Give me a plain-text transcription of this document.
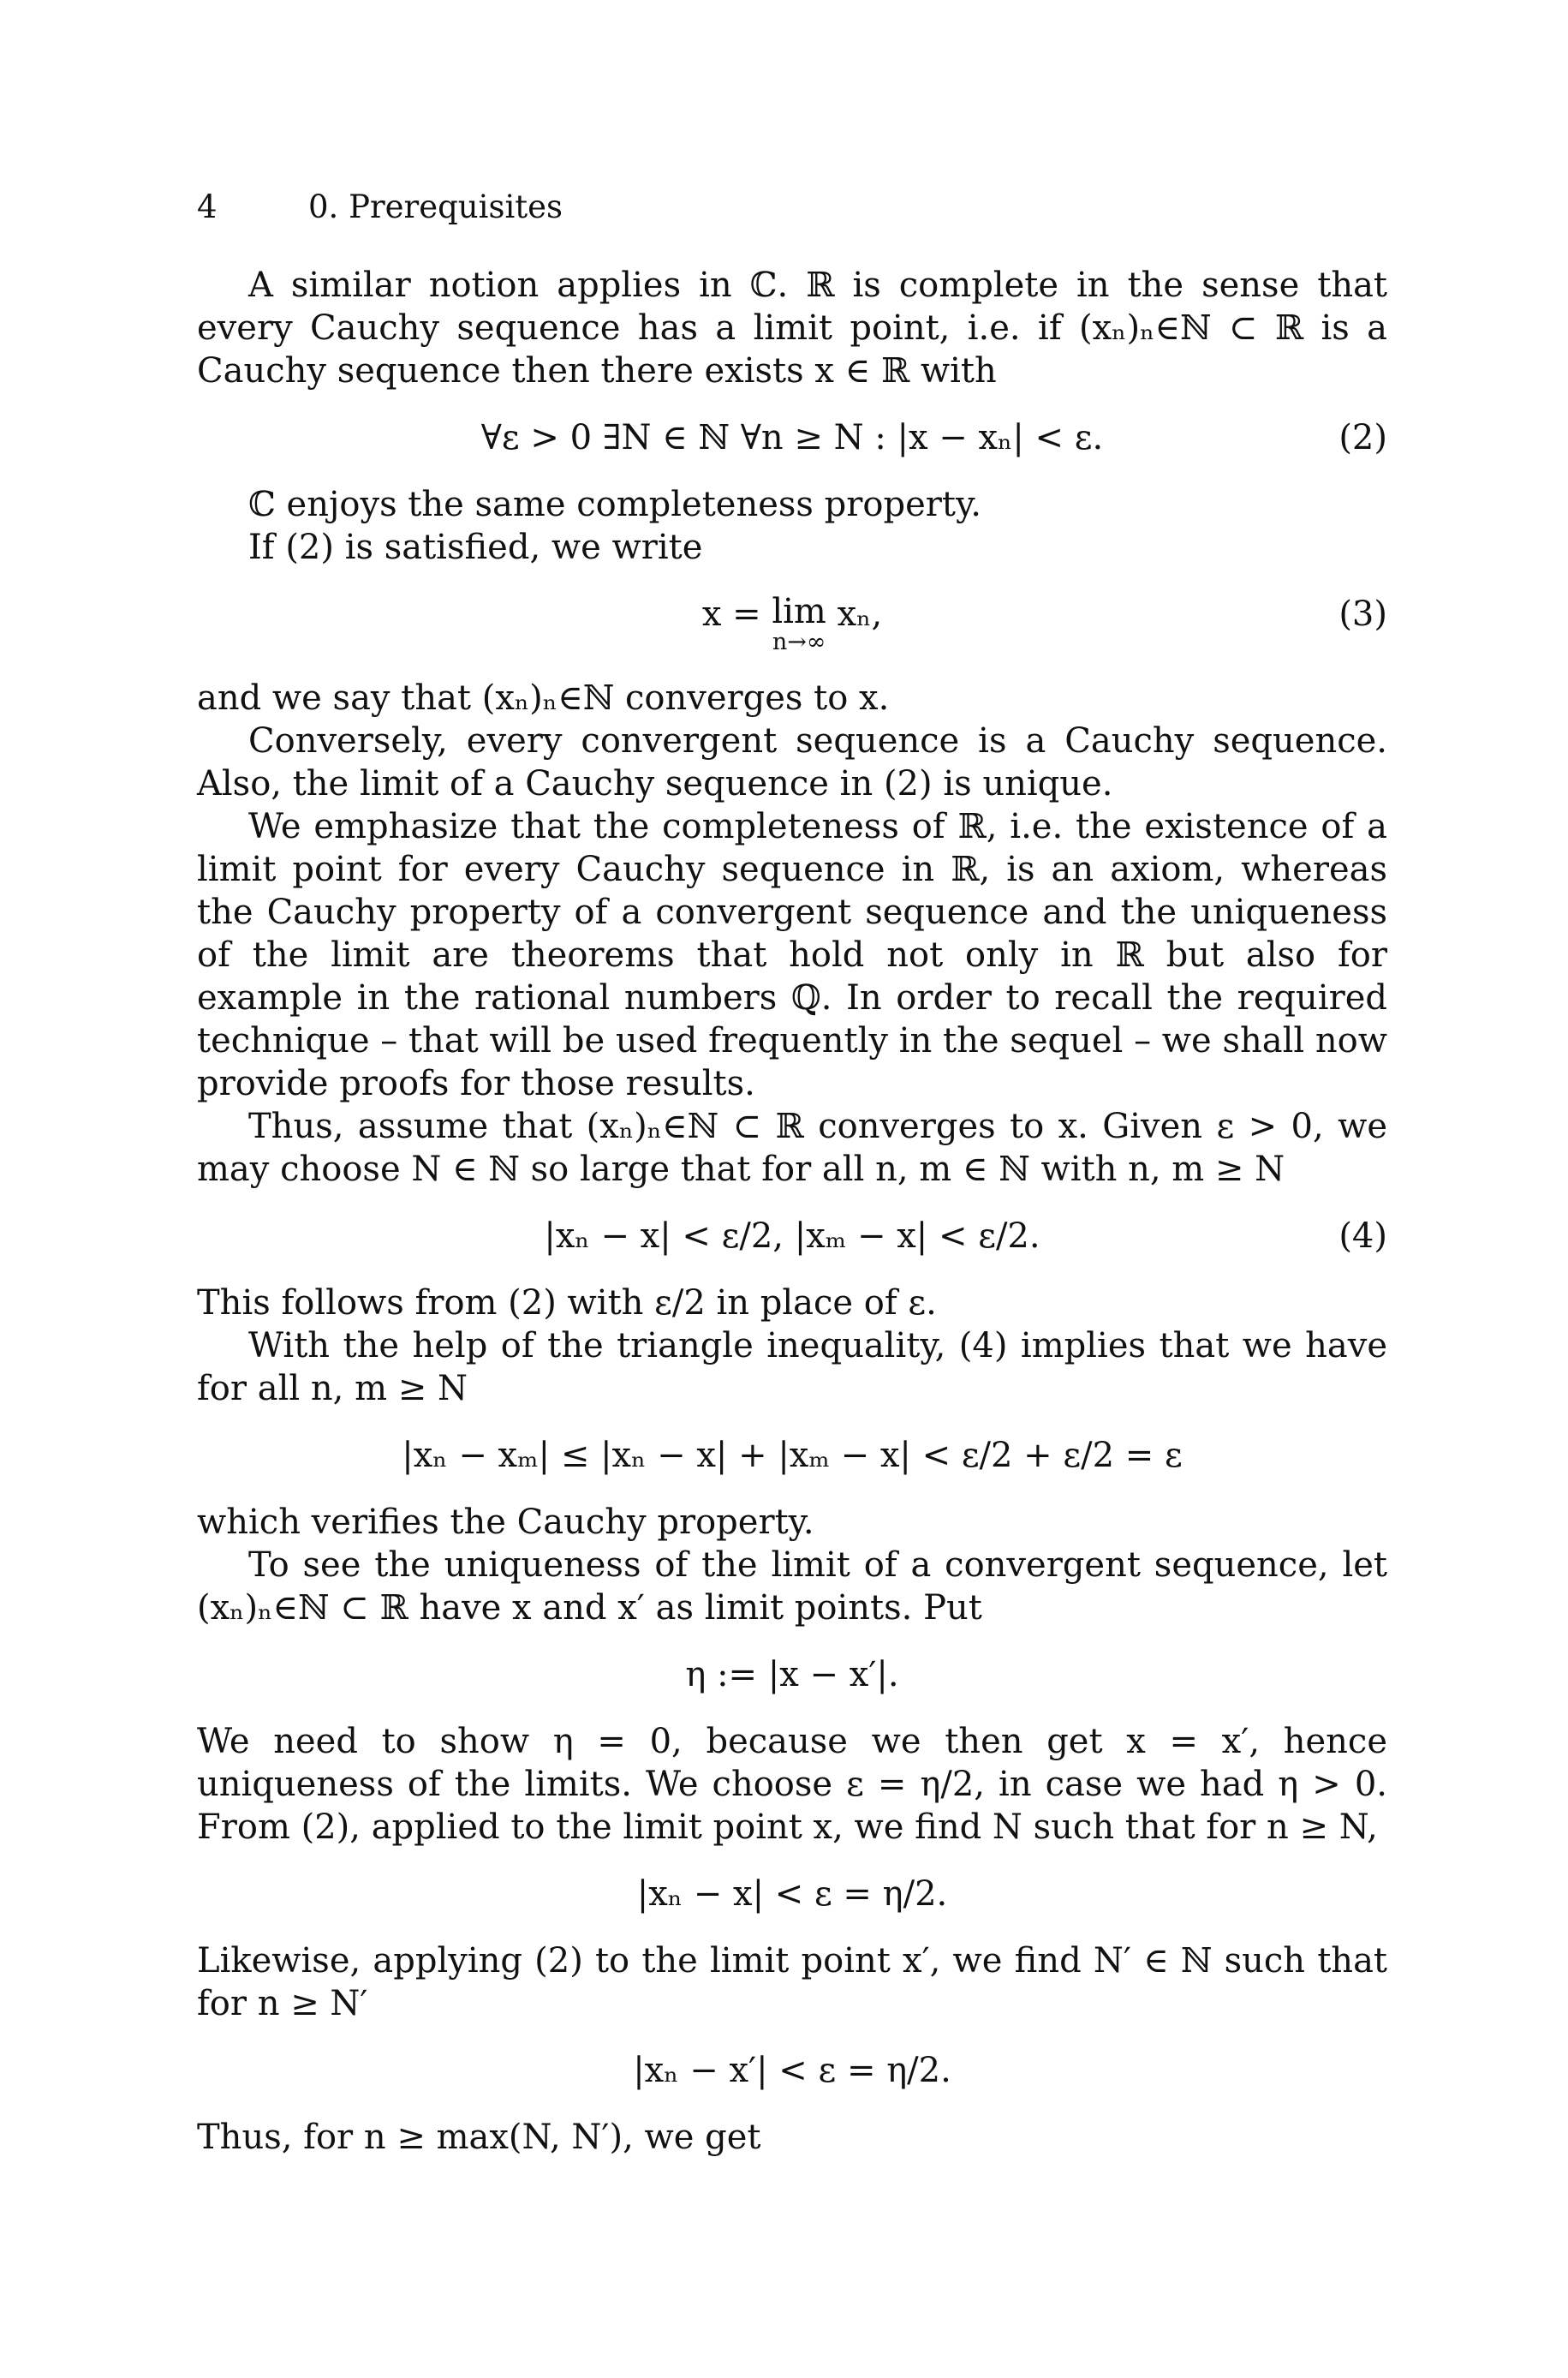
4	0. Prerequisites

A similar notion applies in ℂ. ℝ is complete in the sense that every Cauchy sequence has a limit point, i.e. if (xₙ)ₙ∈ℕ ⊂ ℝ is a Cauchy sequence then there exists x ∈ ℝ with

∀ε > 0 ∃N ∈ ℕ ∀n ≥ N : |x − xₙ| < ε.	(2)

ℂ enjoys the same completeness property.

If (2) is satisfied, we write

x = lim
n→∞
xₙ,	(3)

and we say that (xₙ)ₙ∈ℕ converges to x.

Conversely, every convergent sequence is a Cauchy sequence. Also, the limit of a Cauchy sequence in (2) is unique.

We emphasize that the completeness of ℝ, i.e. the existence of a limit point for every Cauchy sequence in ℝ, is an axiom, whereas the Cauchy property of a convergent sequence and the uniqueness of the limit are theorems that hold not only in ℝ but also for example in the rational numbers ℚ. In order to recall the required technique – that will be used frequently in the sequel – we shall now provide proofs for those results.

Thus, assume that (xₙ)ₙ∈ℕ ⊂ ℝ converges to x. Given ε > 0, we may choose N ∈ ℕ so large that for all n, m ∈ ℕ with n, m ≥ N

|xₙ − x| < ε/2, |xₘ − x| < ε/2.	(4)

This follows from (2) with ε/2 in place of ε.

With the help of the triangle inequality, (4) implies that we have for all n, m ≥ N

|xₙ − xₘ| ≤ |xₙ − x| + |xₘ − x| < ε/2 + ε/2 = ε

which verifies the Cauchy property.

To see the uniqueness of the limit of a convergent sequence, let (xₙ)ₙ∈ℕ ⊂ ℝ have x and x′ as limit points. Put

η := |x − x′|.

We need to show η = 0, because we then get x = x′, hence uniqueness of the limits. We choose ε = η/2, in case we had η > 0. From (2), applied to the limit point x, we find N such that for n ≥ N,

|xₙ − x| < ε = η/2.

Likewise, applying (2) to the limit point x′, we find N′ ∈ ℕ such that for n ≥ N′

|xₙ − x′| < ε = η/2.

Thus, for n ≥ max(N, N′), we get
